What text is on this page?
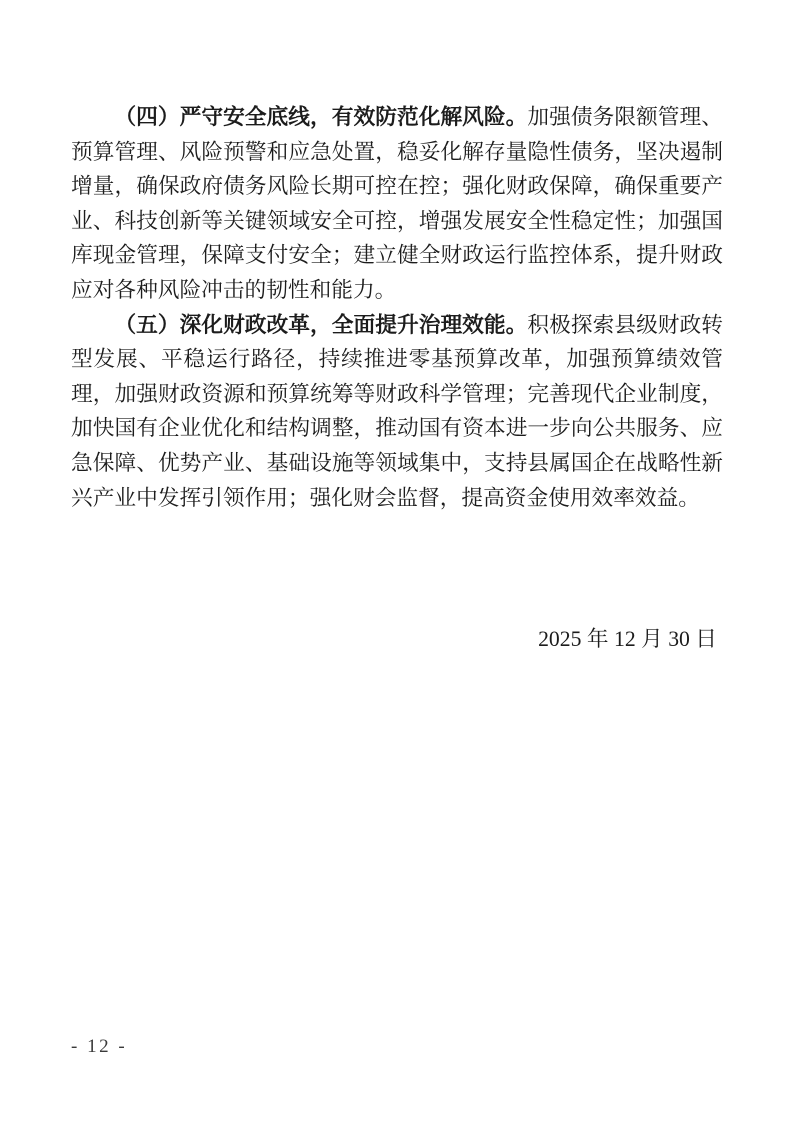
（四）严守安全底线，有效防范化解风险。加强债务限额管理、预算管理、风险预警和应急处置，稳妥化解存量隐性债务，坚决遏制增量，确保政府债务风险长期可控在控；强化财政保障，确保重要产业、科技创新等关键领域安全可控，增强发展安全性稳定性；加强国库现金管理，保障支付安全；建立健全财政运行监控体系，提升财政应对各种风险冲击的韧性和能力。

（五）深化财政改革，全面提升治理效能。积极探索县级财政转型发展、平稳运行路径，持续推进零基预算改革，加强预算绩效管理，加强财政资源和预算统筹等财政科学管理；完善现代企业制度，加快国有企业优化和结构调整，推动国有资本进一步向公共服务、应急保障、优势产业、基础设施等领域集中，支持县属国企在战略性新兴产业中发挥引领作用；强化财会监督，提高资金使用效率效益。

2025 年 12 月 30 日
- 12 -
